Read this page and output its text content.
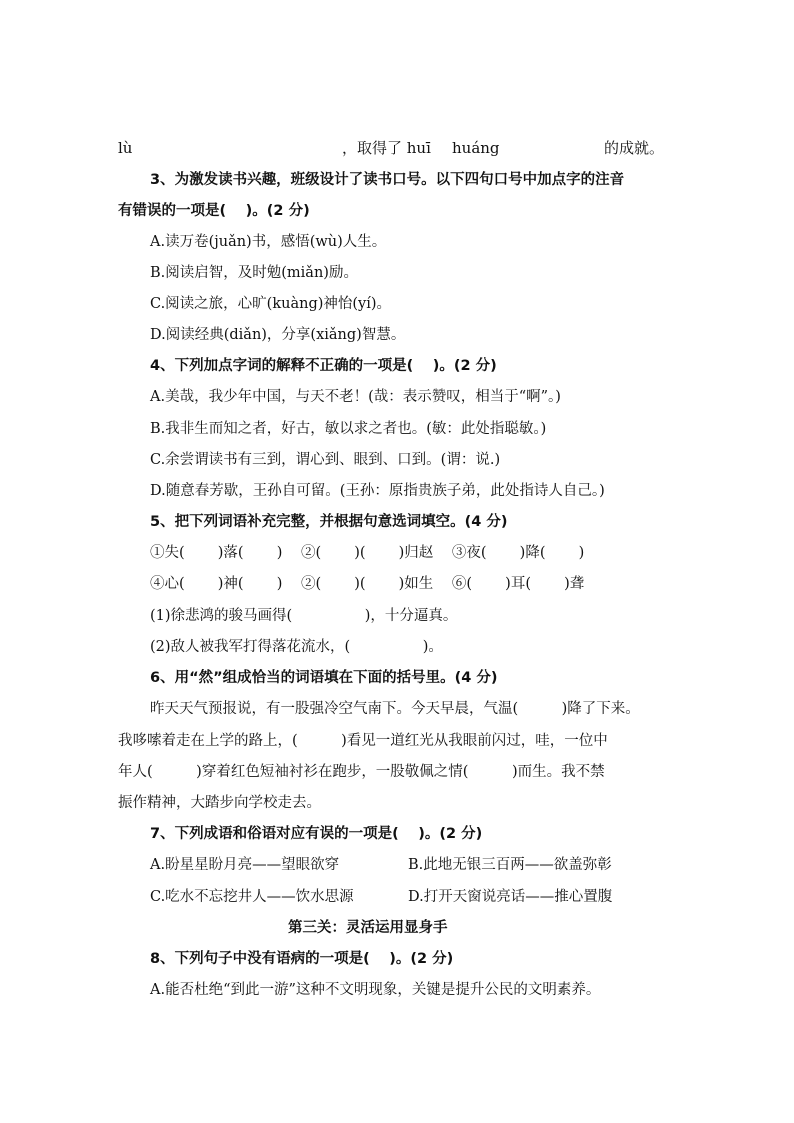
lù	，取得了 huī huáng	的成就。
3、为激发读书兴趣，班级设计了读书口号。以下四句口号中加点字的注音
有错误的一项是(　 )。(2 分)
A.读万卷(juǎn)书，感悟(wù)人生。
B.阅读启智，及时勉(miǎn)励。
C.阅读之旅，心旷(kuàng)神怡(yí)。
D.阅读经典(diǎn)，分享(xiǎng)智慧。
4、下列加点字词的解释不正确的一项是(　 )。(2 分)
A.美哉，我少年中国，与天不老！(哉：表示赞叹，相当于“啊”。)
B.我非生而知之者，好古，敏以求之者也。(敏：此处指聪敏。)
C.余尝谓读书有三到，谓心到、眼到、口到。(谓：说.)
D.随意春芳歇，王孙自可留。(王孙：原指贵族子弟，此处指诗人自己。)
5、把下列词语补充完整，并根据句意选词填空。(4 分)
①失(　 )落(　 ) ②(　 )(　 )归赵 ③夜(　 )降(　 )
④心(　 )神(　 ) ②(　 )(　 )如生 ⑥(　 )耳(　 )聋
(1)徐悲鸿的骏马画得(　　　　　)，十分逼真。
(2)敌人被我军打得落花流水，(　　　　　)。
6、用“然”组成恰当的词语填在下面的括号里。(4 分)
昨天天气预报说，有一股强冷空气南下。今天早晨，气温(　　　)降了下来。
我哆嗦着走在上学的路上，(　　　)看见一道红光从我眼前闪过，哇，一位中
年人(　　　)穿着红色短袖衬衫在跑步，一股敬佩之情(　　　)而生。我不禁
振作精神，大踏步向学校走去。
7、下列成语和俗语对应有误的一项是(　 )。(2 分)
A.盼星星盼月亮——望眼欲穿	B.此地无银三百两——欲盖弥彰
C.吃水不忘挖井人——饮水思源	D.打开天窗说亮话——推心置腹
第三关：灵活运用显身手
8、下列句子中没有语病的一项是(　 )。(2 分)
A.能否杜绝“到此一游”这种不文明现象，关键是提升公民的文明素养。
